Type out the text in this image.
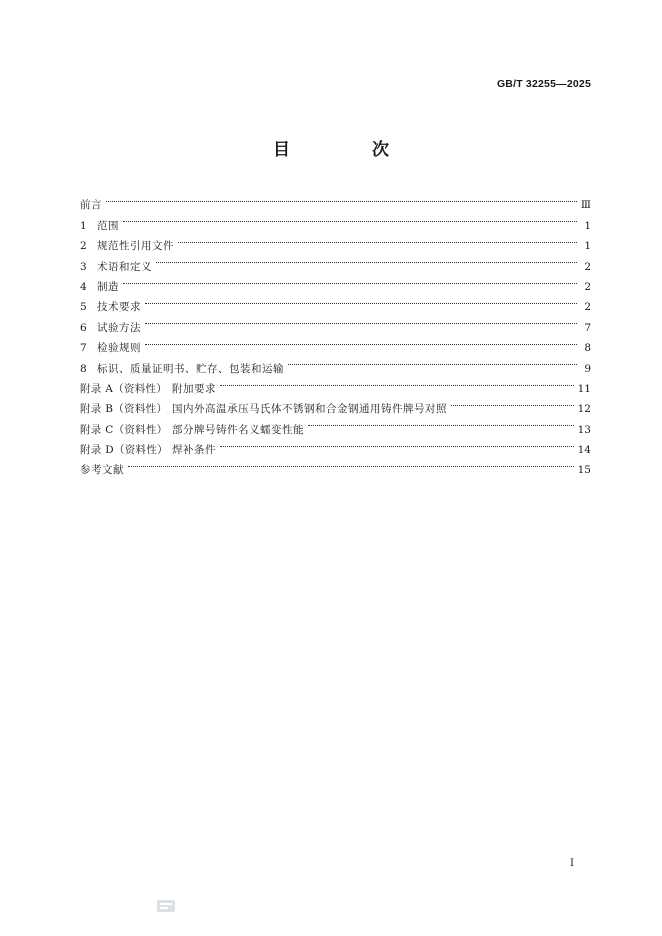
GB/T 32255—2025
目 次
前言	Ⅲ
1 范围	1
2 规范性引用文件	1
3 术语和定义	2
4 制造	2
5 技术要求	2
6 试验方法	7
7 检验规则	8
8 标识、质量证明书、贮存、包装和运输	9
附录 A（资料性） 附加要求	11
附录 B（资料性） 国内外高温承压马氏体不锈钢和合金钢通用铸件牌号对照	12
附录 C（资料性） 部分牌号铸件名义蠕变性能	13
附录 D（资料性） 焊补条件	14
参考文献	15
I
